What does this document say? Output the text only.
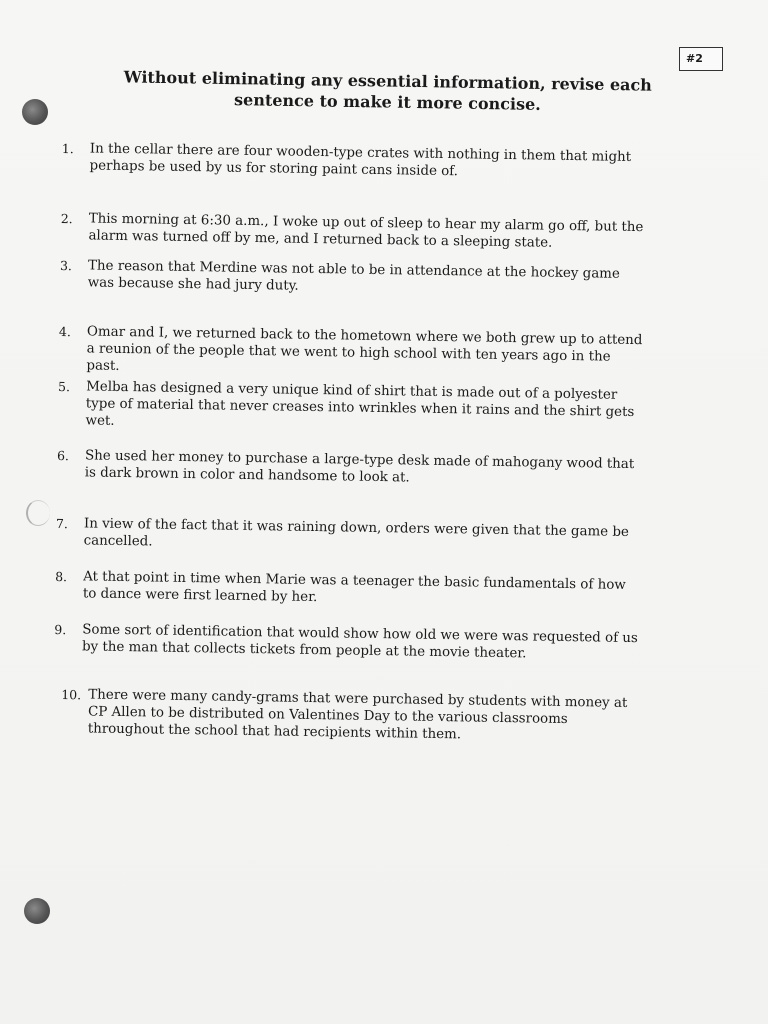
#2
Without eliminating any essential information, revise each
sentence to make it more concise.
1.	In the cellar there are four wooden-type crates with nothing in them that might perhaps be used by us for storing paint cans inside of.
2.	This morning at 6:30 a.m., I woke up out of sleep to hear my alarm go off, but the alarm was turned off by me, and I returned back to a sleeping state.
3.	The reason that Merdine was not able to be in attendance at the hockey game was because she had jury duty.
4.	Omar and I, we returned back to the hometown where we both grew up to attend a reunion of the people that we went to high school with ten years ago in the past.
5.	Melba has designed a very unique kind of shirt that is made out of a polyester type of material that never creases into wrinkles when it rains and the shirt gets wet.
6.	She used her money to purchase a large-type desk made of mahogany wood that is dark brown in color and handsome to look at.
7.	In view of the fact that it was raining down, orders were given that the game be cancelled.
8.	At that point in time when Marie was a teenager the basic fundamentals of how to dance were first learned by her.
9.	Some sort of identification that would show how old we were was requested of us by the man that collects tickets from people at the movie theater.
10. There were many candy-grams that were purchased by students with money at CP Allen to be distributed on Valentines Day to the various classrooms throughout the school that had recipients within them.
